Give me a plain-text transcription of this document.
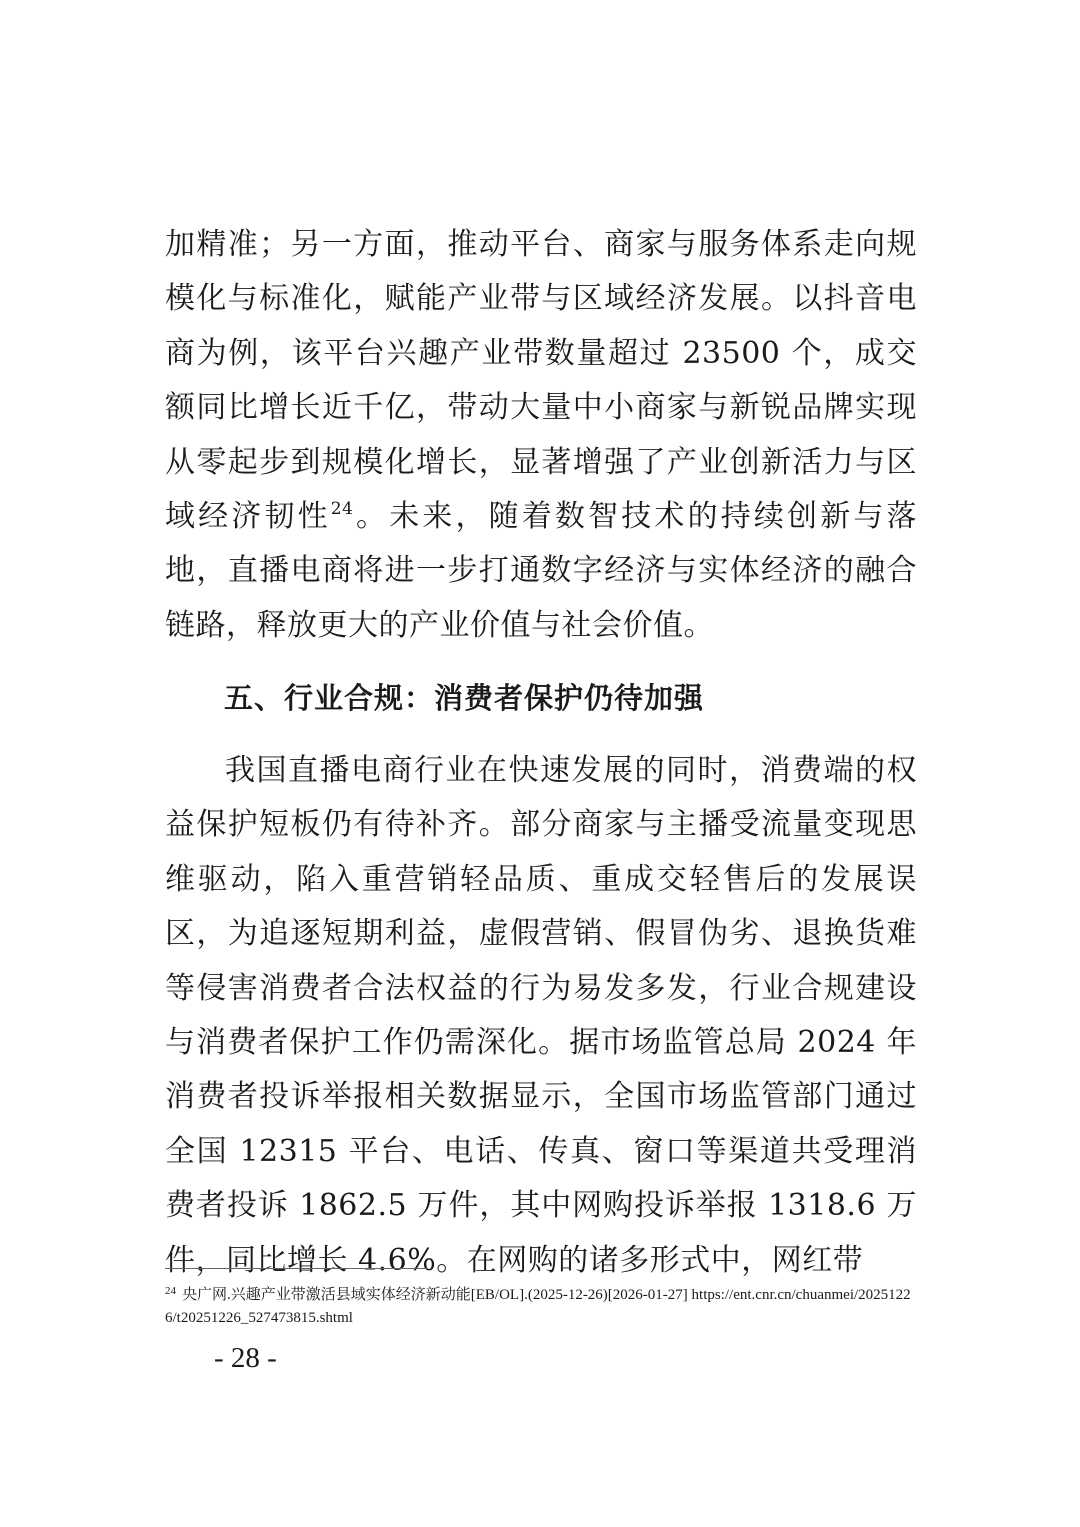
加精准；另一方面，推动平台、商家与服务体系走向规模化与标准化，赋能产业带与区域经济发展。以抖音电商为例，该平台兴趣产业带数量超过 23500 个，成交额同比增长近千亿，带动大量中小商家与新锐品牌实现从零起步到规模化增长，显著增强了产业创新活力与区域经济韧性$^{24}$。未来，随着数智技术的持续创新与落地，直播电商将进一步打通数字经济与实体经济的融合链路，释放更大的产业价值与社会价值。

五、行业合规：消费者保护仍待加强

我国直播电商行业在快速发展的同时，消费端的权益保护短板仍有待补齐。部分商家与主播受流量变现思维驱动，陷入重营销轻品质、重成交轻售后的发展误区，为追逐短期利益，虚假营销、假冒伪劣、退换货难等侵害消费者合法权益的行为易发多发，行业合规建设与消费者保护工作仍需深化。据市场监管总局 2024 年消费者投诉举报相关数据显示，全国市场监管部门通过全国 12315 平台、电话、传真、窗口等渠道共受理消费者投诉 1862.5 万件，其中网购投诉举报 1318.6 万件，同比增长 4.6%。在网购的诸多形式中，网红带

$^{24}$ 央广网.兴趣产业带激活县域实体经济新动能[EB/OL].(2025-12-26)[2026-01-27] https://ent.cnr.cn/chuanmei/20251226/t20251226_527473815.shtml

- 28 -
